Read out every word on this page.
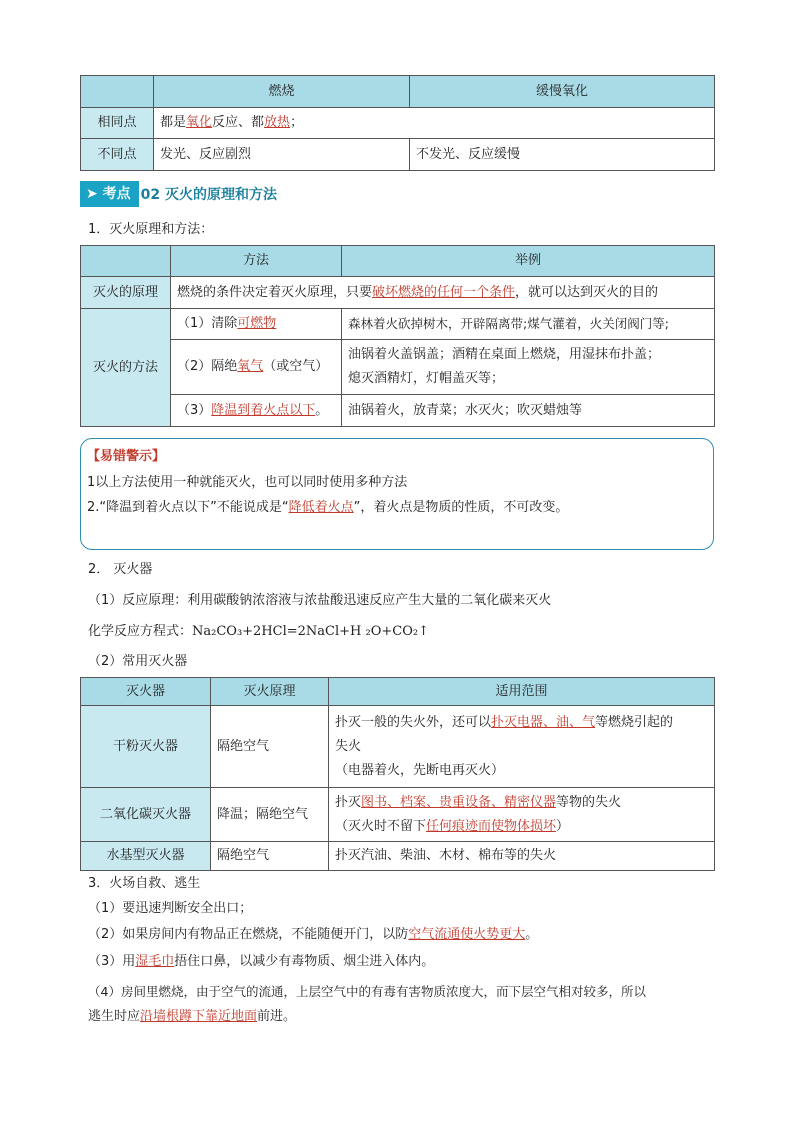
	燃烧	缓慢氧化
相同点	都是氧化反应、都放热；	
不同点	发光、反应剧烈	不发光、反应缓慢
➤ 考点 02 灭火的原理和方法
1．灭火原理和方法：
	方法	举例
灭火的原理	燃烧的条件决定着灭火原理，只要破坏燃烧的任何一个条件，就可以达到灭火的目的	
灭火的方法	（1）清除可燃物	森林着火砍掉树木，开辟隔离带;煤气灌着，火关闭阀门等;
	（2）隔绝氧气（或空气）	油锅着火盖锅盖；酒精在桌面上燃烧，用湿抹布扑盖；
熄灭酒精灯，灯帽盖灭等；

	（3）降温到着火点以下。	油锅着火，放青菜；水灭火；吹灭蜡烛等
【易错警示】
1以上方法使用一种就能灭火，也可以同时使用多种方法
2.“降温到着火点以下”不能说成是“降低着火点”，着火点是物质的性质，不可改变。
2． 灭火器
（1）反应原理：利用碳酸钠浓溶液与浓盐酸迅速反应产生大量的二氧化碳来灭火
化学反应方程式：Na₂CO₃+2HCl=2NaCl+H ₂O+CO₂↑
（2）常用灭火器
灭火器	灭火原理	适用范围
干粉灭火器	隔绝空气	扑灭一般的失火外，还可以扑灭电器、油、气等燃烧引起的
失火
（电器着火，先断电再灭火）

二氧化碳灭火器	降温；隔绝空气	扑灭图书、档案、贵重设备、精密仪器等物的失火
（灭火时不留下任何痕迹而使物体损坏）

水基型灭火器	隔绝空气	扑灭汽油、柴油、木材、棉布等的失火
3．火场自救、逃生
（1）要迅速判断安全出口；
（2）如果房间内有物品正在燃烧，不能随便开门，以防空气流通使火势更大。
（3）用湿毛巾捂住口鼻，以减少有毒物质、烟尘进入体内。
（4）房间里燃烧，由于空气的流通，上层空气中的有毒有害物质浓度大，而下层空气相对较多，所以
逃生时应沿墙根蹲下靠近地面前进。
